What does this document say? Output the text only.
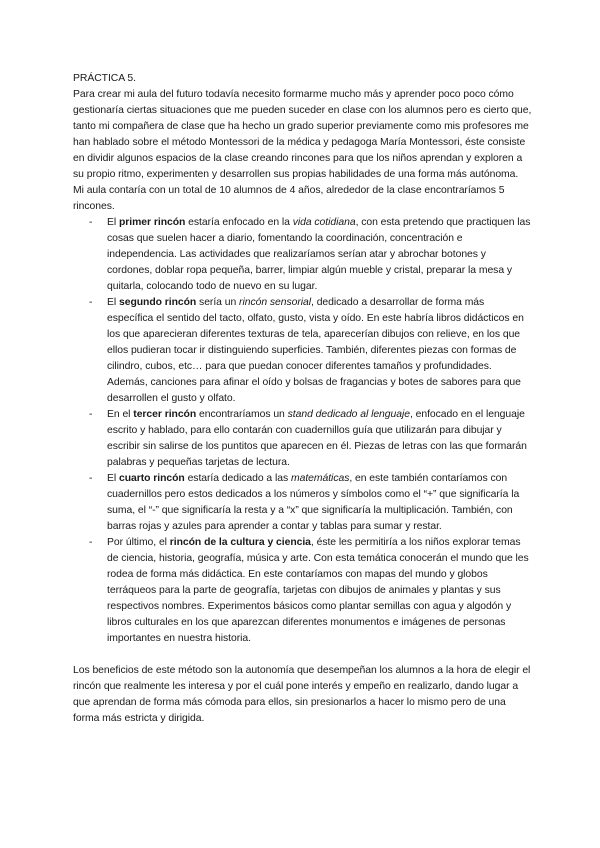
PRÁCTICA 5.

Para crear mi aula del futuro todavía necesito formarme mucho más y aprender poco poco cómo gestionaría ciertas situaciones que me pueden suceder en clase con los alumnos pero es cierto que, tanto mi compañera de clase que ha hecho un grado superior previamente como mis profesores me han hablado sobre el método Montessori de la médica y pedagoga María Montessori, éste consiste en dividir algunos espacios de la clase creando rincones para que los niños aprendan y exploren a su propio ritmo, experimenten y desarrollen sus propias habilidades de una forma más autónoma.

Mi aula contaría con un total de 10 alumnos de 4 años, alrededor de la clase encontraríamos 5 rincones.

- El primer rincón estaría enfocado en la vida cotidiana, con esta pretendo que practiquen las cosas que suelen hacer a diario, fomentando la coordinación, concentración e independencia. Las actividades que realizaríamos serían atar y abrochar botones y cordones, doblar ropa pequeña, barrer, limpiar algún mueble y cristal, preparar la mesa y quitarla, colocando todo de nuevo en su lugar.
- El segundo rincón sería un rincón sensorial, dedicado a desarrollar de forma más específica el sentido del tacto, olfato, gusto, vista y oído. En este habría libros didácticos en los que aparecieran diferentes texturas de tela, aparecerían dibujos con relieve, en los que ellos pudieran tocar ir distinguiendo superficies. También, diferentes piezas con formas de cilindro, cubos, etc… para que puedan conocer diferentes tamaños y profundidades. Además, canciones para afinar el oído y bolsas de fragancias y botes de sabores para que desarrollen el gusto y olfato.
- En el tercer rincón encontraríamos un stand dedicado al lenguaje, enfocado en el lenguaje escrito y hablado, para ello contarán con cuadernillos guía que utilizarán para dibujar y escribir sin salirse de los puntitos que aparecen en él. Piezas de letras con las que formarán palabras y pequeñas tarjetas de lectura.
- El cuarto rincón estaría dedicado a las matemáticas, en este también contaríamos con cuadernillos pero estos dedicados a los números y símbolos como el “+” que significaría la suma, el “-” que significaría la resta y a “x” que significaría la multiplicación. También, con barras rojas y azules para aprender a contar y tablas para sumar y restar.
- Por último, el rincón de la cultura y ciencia, éste les permitiría a los niños explorar temas de ciencia, historia, geografía, música y arte. Con esta temática conocerán el mundo que les rodea de forma más didáctica. En este contaríamos con mapas del mundo y globos terráqueos para la parte de geografía, tarjetas con dibujos de animales y plantas y sus respectivos nombres. Experimentos básicos como plantar semillas con agua y algodón y libros culturales en los que aparezcan diferentes monumentos e imágenes de personas importantes en nuestra historia.

Los beneficios de este método son la autonomía que desempeñan los alumnos a la hora de elegir el rincón que realmente les interesa y por el cuál pone interés y empeño en realizarlo, dando lugar a que aprendan de forma más cómoda para ellos, sin presionarlos a hacer lo mismo pero de una forma más estricta y dirigida.
